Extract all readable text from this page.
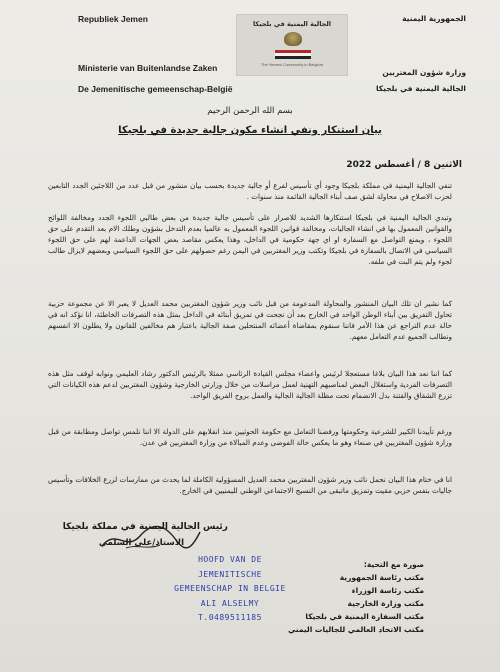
Republiek Jemen
Ministerie van Buitenlandse Zaken
De Jemenitische gemeenschap-België
الجمهورية اليمنية
وزارة شؤون المغتربين
الجالية اليمنية في بلجيكا
الجالية اليمنية في بلجيكا
The Yemeni Community in Belgium
بسم الله الرحمن الرحيم
بيان استنكار ونفي انشاء مكون جالية جديدة في بلجيكا
الاثنين 8 / أغسطس 2022
تنفي الجالية اليمنية في مملكة بلجيكا وجود أي تأسيس لفرع أو جالية جديدة بحسب بيان منشور من قبل عدد من اللاجئين الجدد التابعين لحزب الاصلاح في محاولة لشق صف أبناء الجالية القائمة منذ سنوات .
وتبدي الجالية اليمنية في بلجيكا استنكارها الشديد للاصرار على تأسيس جالية جديدة من بعض طالبي اللجوء الجدد ومخالفة اللوائح والقوانين المعمول بها في انشاء الجاليات، ومخالفة قوانين اللجوء المعمول به عالميا بعدم التدخل بشؤون وطلك الام بعد التقدم على حق اللجوء ، ويمنع التواصل مع السفارة او اي جهة حكومية في الداخل، وهذا يعكس مقاصد بعض الجهات الداعمة لهم على حق اللجوء السياسي في الاتصال بالسفارة في بلجيكا وتكتب وزير المغتربين في اليمن رغم حصولهم على حق اللجوء السياسي وبعضهم لايزال طالب لجوء ولم يتم البت في ملفه.
كما نشير ان تلك البيان المنشور والمحاولة المدعومة من قبل نائب وزير شؤون المغتربين محمد العديل لا يعبر الا عن مجموعة حزبية تحاول التفريق بين أبناء الوطن الواحد في الخارج بعد أن نجحت في تمزيق أبنائه في الداخل بمثل هذه التصرفات الخاطئة، انا نؤكد انه في حالة عدم التراجع عن هذا الأمر فاننا سنقوم بمقاضاة أعضائه المنتحلين صفة الجالية باعتبار هم مخالفين للقانون ولا يطلون الا انفسهم ونطالب الجميع عدم التعامل معهم.
كما اننا نعد هذا البيان بلاغا مستعجلا لرئيس واعضاء مجلس القيادة الرئاسي ممثلا بالرئيس الدكتور رشاد العليمي ونوابه لوقف مثل هذه التصرفات الفردية واستغلال البعض لمناصبهم التهنية لعمل مراسلات من خلال وزارتي الخارجية وشؤون المغتربين لدعم هذه الكيانات التي تزرع الشقاق والفتنة بدل الانضمام تحت مظلة الجالية الجالية والعمل بروح الفريق الواحد.
ورغم تأييدنا الكبير للشرعية وحكومتها ورفضنا التعامل مع حكومة الحوثيين منذ انقلابهم على الدولة الا اننا نلمس تواصل ومطابقة من قبل وزارة شؤون المغتربين في صنعاء وهو ما يعكس حالة الفوضى وعدم المبالاة من وزارة المغتربين في عدن.
انا في ختام هذا البيان نحمل نائب وزير شؤون المغتربين محمد العديل المسؤولية الكاملة لما يحدث من ممارسات لزرع الخلافات وتأسيس جاليات بنفس حزبي مقيت وتمزيق ماتبقى من النسيج الاجتماعي الوطني لليمنيين في الخارج.
رئيس الجالية اليمنية في مملكة بلجيكا
الاستاذ/علي السلمي
HOOFD VAN DE JEMENITISCHE
GEMEENSCHAP IN BELGIE
ALI ALSELMY
T.0489511185
صورة مع التحية:
مكتب رئاسة الجمهورية
مكتب رئاسة الوزراء
مكتب وزارة الخارجية
مكتب السفارة اليمنية في بلجيكا
مكتب الاتحاد العالمي للجاليات اليمني
